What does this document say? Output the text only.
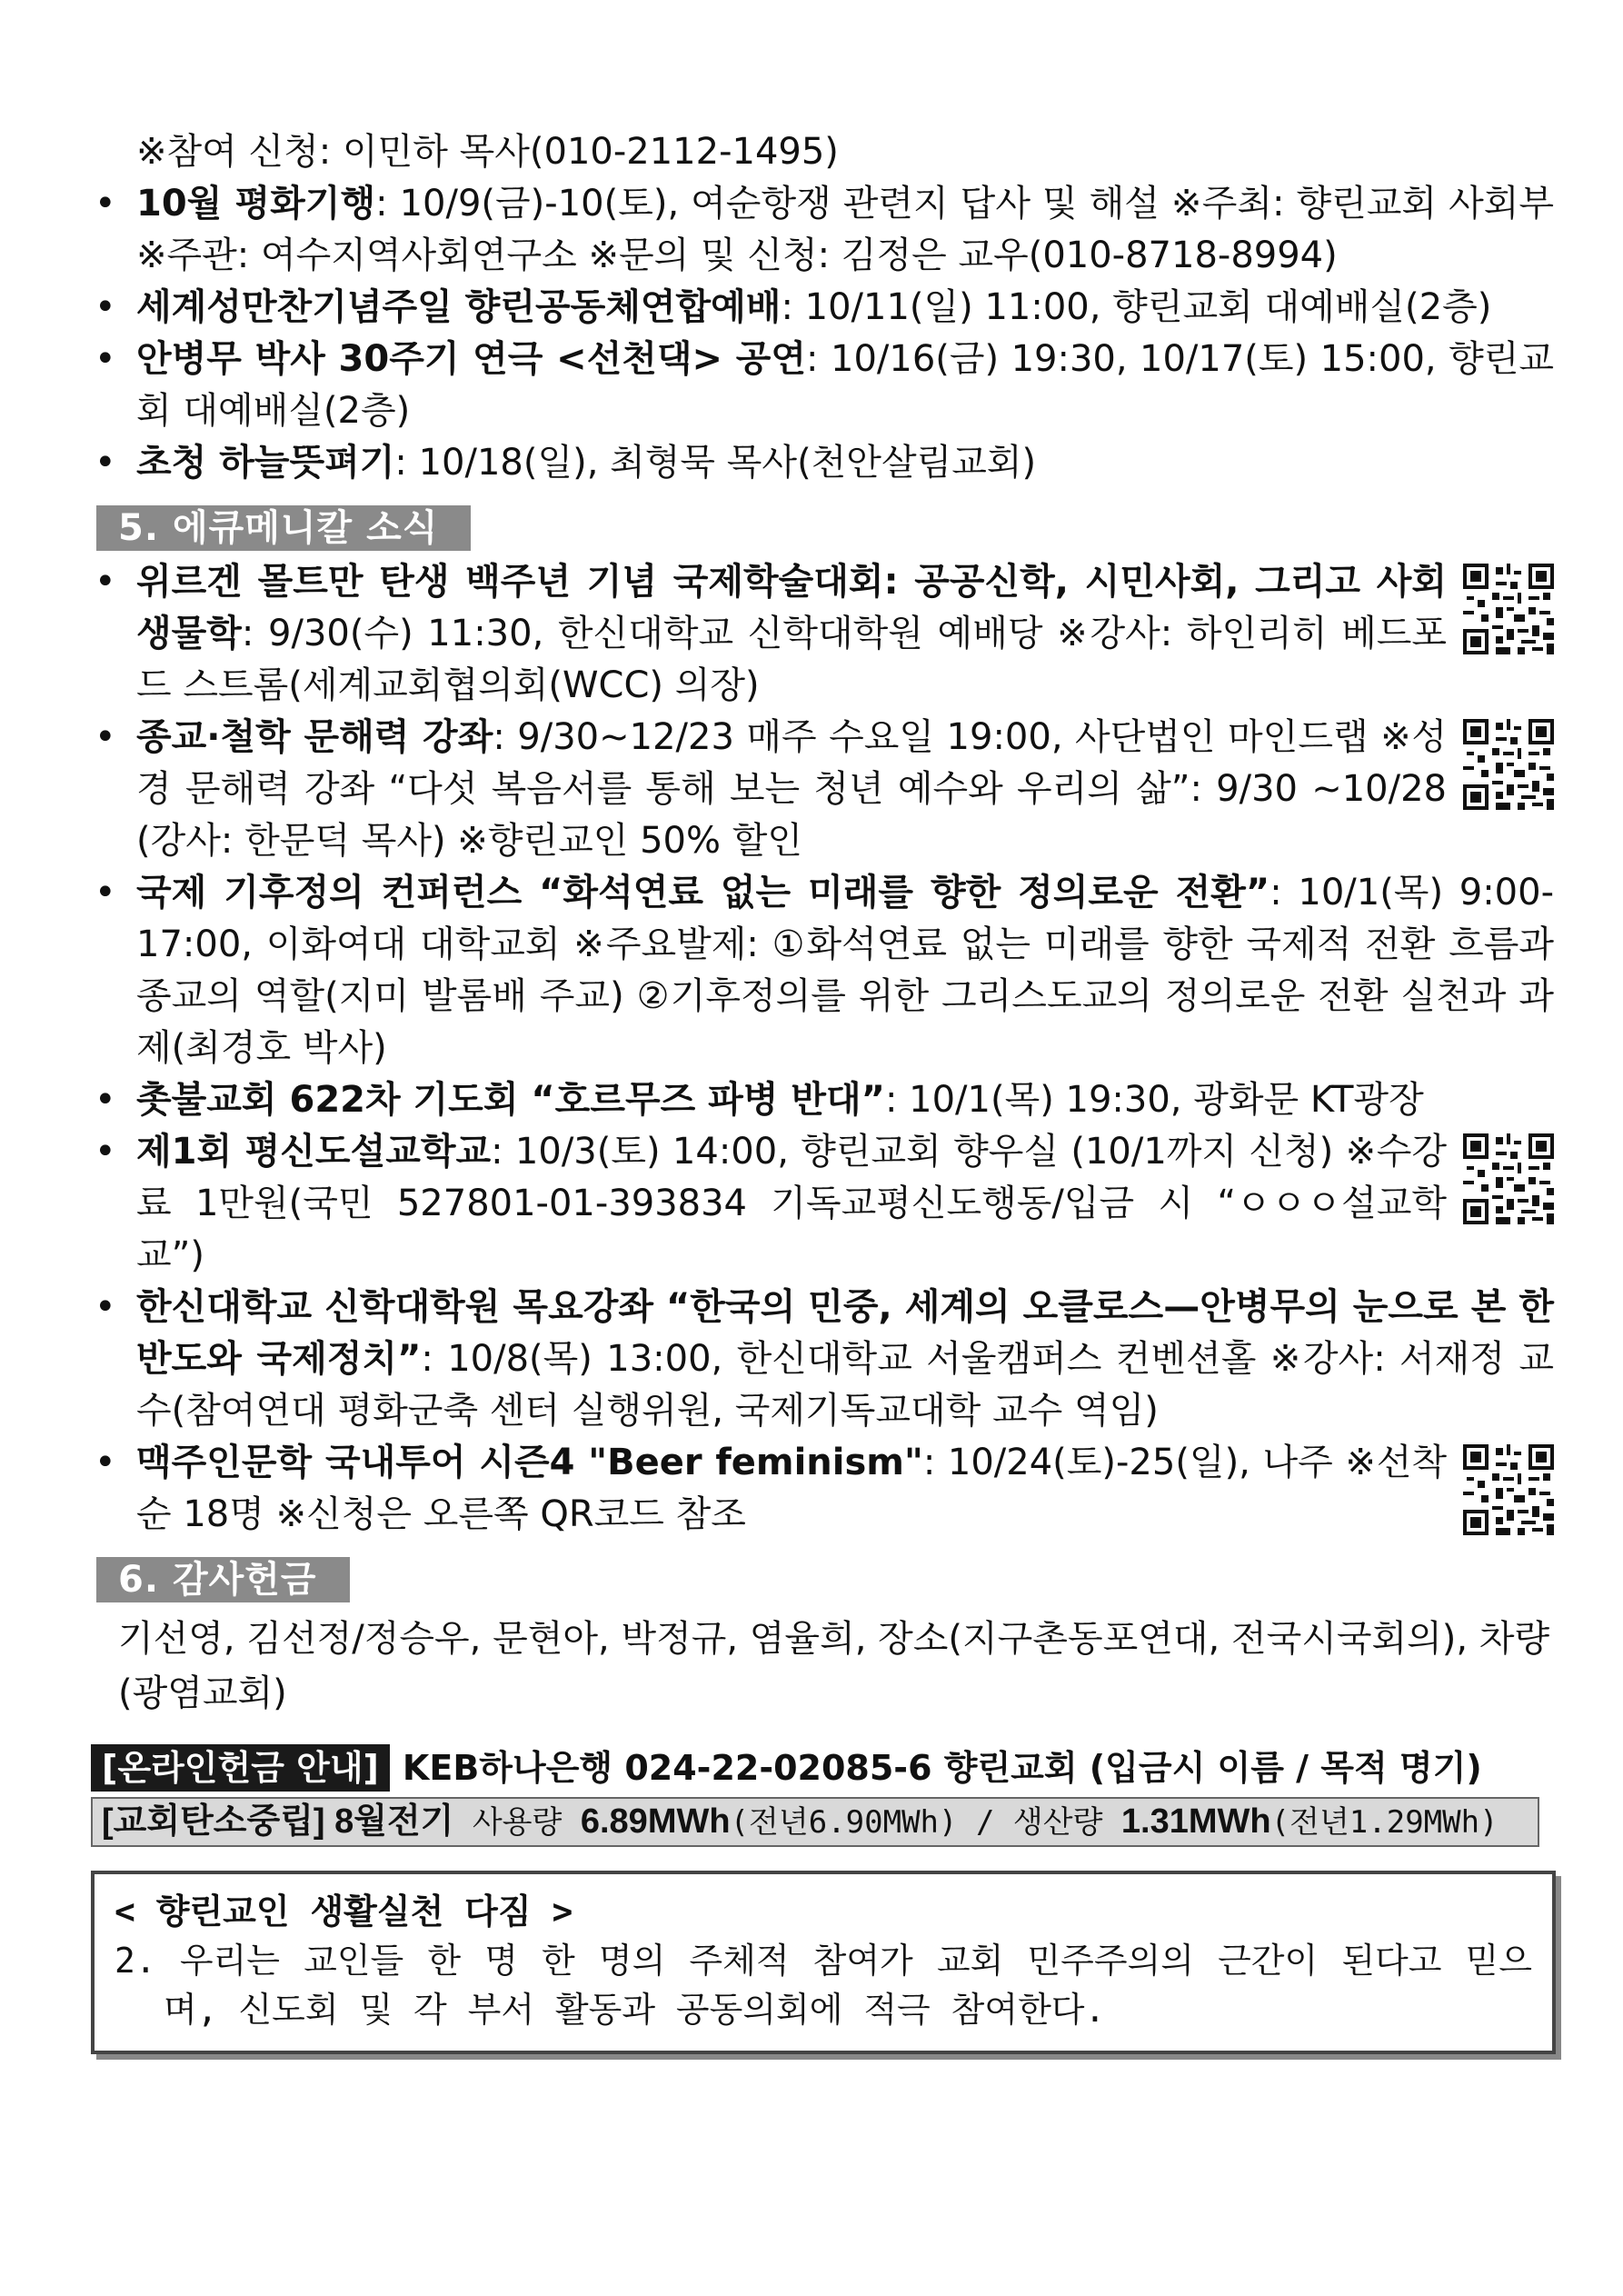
※참여 신청: 이민하 목사(010-2112-1495)
• 10월 평화기행: 10/9(금)-10(토), 여순항쟁 관련지 답사 및 해설 ※주최: 향린교회 사회부 ※주관: 여수지역사회연구소 ※문의 및 신청: 김정은 교우(010-8718-8994)
• 세계성만찬기념주일 향린공동체연합예배: 10/11(일) 11:00, 향린교회 대예배실(2층)
• 안병무 박사 30주기 연극 <선천댁> 공연: 10/16(금) 19:30, 10/17(토) 15:00, 향린교회 대예배실(2층)
• 초청 하늘뜻펴기: 10/18(일), 최형묵 목사(천안살림교회)
5. 에큐메니칼 소식
• 위르겐 몰트만 탄생 백주년 기념 국제학술대회: 공공신학, 시민사회, 그리고 사회생물학: 9/30(수) 11:30, 한신대학교 신학대학원 예배당 ※강사: 하인리히 베드포드 스트롬(세계교회협의회(WCC) 의장)
• 종교·철학 문해력 강좌: 9/30~12/23 매주 수요일 19:00, 사단법인 마인드랩 ※성경 문해력 강좌 “다섯 복음서를 통해 보는 청년 예수와 우리의 삶”: 9/30 ~10/28 (강사: 한문덕 목사) ※향린교인 50% 할인
• 국제 기후정의 컨퍼런스 “화석연료 없는 미래를 향한 정의로운 전환”: 10/1(목) 9:00-17:00, 이화여대 대학교회 ※주요발제: ①화석연료 없는 미래를 향한 국제적 전환 흐름과 종교의 역할(지미 발롬배 주교) ②기후정의를 위한 그리스도교의 정의로운 전환 실천과 과제(최경호 박사)
• 촛불교회 622차 기도회 “호르무즈 파병 반대”: 10/1(목) 19:30, 광화문 KT광장
• 제1회 평신도설교학교: 10/3(토) 14:00, 향린교회 향우실 (10/1까지 신청) ※수강료 1만원(국민 527801-01-393834 기독교평신도행동/입금 시 “ㅇㅇㅇ설교학교”)
• 한신대학교 신학대학원 목요강좌 “한국의 민중, 세계의 오클로스—안병무의 눈으로 본 한반도와 국제정치”: 10/8(목) 13:00, 한신대학교 서울캠퍼스 컨벤션홀 ※강사: 서재정 교수(참여연대 평화군축 센터 실행위원, 국제기독교대학 교수 역임)
• 맥주인문학 국내투어 시즌4 "Beer feminism": 10/24(토)-25(일), 나주 ※선착순 18명 ※신청은 오른쪽 QR코드 참조
6. 감사헌금
기선영, 김선정/정승우, 문현아, 박정규, 염율희, 장소(지구촌동포연대, 전국시국회의), 차량(광염교회)
[온라인헌금 안내] KEB하나은행 024-22-02085-6 향린교회 (입금시 이름 / 목적 명기)
[교회탄소중립] 8월전기 사용량 6.89MWh(전년6.90MWh) / 생산량 1.31MWh(전년1.29MWh)
< 향린교인 생활실천 다짐 >
2. 우리는 교인들 한 명 한 명의 주체적 참여가 교회 민주주의의 근간이 된다고 믿으며, 신도회 및 각 부서 활동과 공동의회에 적극 참여한다.
